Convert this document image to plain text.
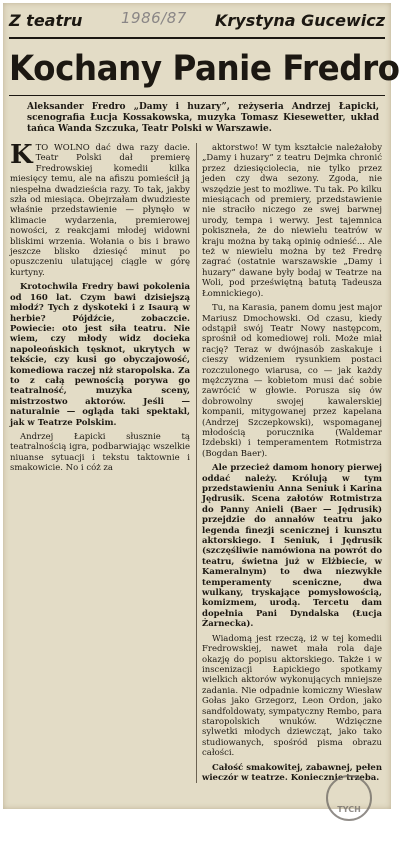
Z teatru	1986/87 Krystyna Gucewicz
Kochany Panie Fredro
Aleksander Fredro „Damy i huzary”, reżyseria Andrzej Łapicki, scenografia Łucja Kossakowska, muzyka Tomasz Kiesewetter, układ tańca Wanda Szczuka, Teatr Polski w Warszawie.

KTO WOLNO dać dwa razy dacie. Teatr Polski dał premierę Fredrowskiej komedii kilka miesięcy temu, ale na afiszu pomieścił ją niespełna dwadzieścia razy. To tak, jakby szła od miesiąca. Obejrzałam dwudzieste właśnie przedstawienie — płynęło w klimacie wydarzenia, premierowej nowości, z reakcjami młodej widowni bliskimi wrzenia. Wołania o bis i brawo jeszcze blisko dziesięć minut po opuszczeniu ulatującej ciągle w górę kurtyny.

Krotochwila Fredry bawi pokolenia od 160 lat. Czym bawi dzisiejszą młodź? Tych z dyskoteki i z Isaurą w herbie? Pójdźcie, zobaczcie. Powiecie: oto jest siła teatru. Nie wiem, czy młody widz docieka napoleońskich tęsknot, ukrytych w tekście, czy kusi go obyczajowość, komediowa raczej niż staropolska. Za to z całą pewnością porywa go teatralność, muzyka sceny, mistrzostwo aktorów. Jeśli — naturalnie — ogląda taki spektakl, jak w Teatrze Polskim.

Andrzej Łapicki słusznie tą teatralnością igra, podbarwiając wszelkie niuanse sytuacji i tekstu taktownie i smakowicie. No i cóż za

aktorstwo! W tym kształcie należałoby „Damy i huzary” z teatru Dejmka chronić przez dziesięciolecia, nie tylko przez jeden czy dwa sezony. Zgoda, nie wszędzie jest to możliwe. Tu tak. Po kilku miesiącach od premiery, przedstawienie nie straciło niczego ze swej barwnej urody, tempa i werwy. Jest tajemnica pokiszneła, że do niewielu teatrów w kraju można by taką opinię odnieść... Ale też w niewielu można by też Fredrę zagrać (ostatnie warszawskie „Damy i huzary” dawane były bodaj w Teatrze na Woli, pod przeświętną batutą Tadeusza Łomnickiego).

Tu, na Karasia, panem domu jest major Mariusz Dmochowski. Od czasu, kiedy odstąpił swój Teatr Nowy następcom, sprośnił od komediowej roli. Może miał rację? Teraz w dwójnasób zaskakuje i cieszy widzeniem rysunkiem postaci rozczulonego wiarusa, co — jak każdy mężczyzna — kobietom musi dać sobie zawrócić w głowie. Porusza się ów dobrowolny swojej kawalerskiej kompanii, mitygowanej przez kapelana (Andrzej Szczepkowski), wspomaganej młodością porucznika (Waldemar Izdebski) i temperamentem Rotmistrza (Bogdan Baer).

Ale przecież damom honory pierwej oddać należy. Królują w tym przedstawieniu Anna Seniuk i Karina Jędrusik. Scena załotów Rotmistrza do Panny Anieli (Baer — Jędrusik) przejdzie do annałów teatru jako legenda finezji scenicznej i kunsztu aktorskiego. I Seniuk, i Jędrusik (szczęśliwie namówiona na powrót do teatru, świetna już w Elżbiecie, w Kameralnym) to dwa niezwykłe temperamenty sceniczne, dwa wulkany, tryskające pomysłowością, komizmem, urodą. Tercetu dam dopełnia Pani Dyndalska (Łucja Żarnecka).

Wiadomą jest rzeczą, iż w tej komedii Fredrowskiej, nawet mała rola daje okazję do popisu aktorskiego. Także i w inscenizacji Łapickiego spotkamy wielkich aktorów wykonujących mniejsze zadania. Nie odpadnie komiczny Wiesław Gołas jako Grzegorz, Leon Ordon, jako sandfoldowaty, sympatyczny Rembo, para staropolskich wnuków. Wdzięczne sylwetki młodych dziewcząt, jako tako studiowanych, spośród pisma obrazu całości.

Całość smakowitej, zabawnej, pełen wieczór w teatrze. Koniecznie trzeba.

TYCH
